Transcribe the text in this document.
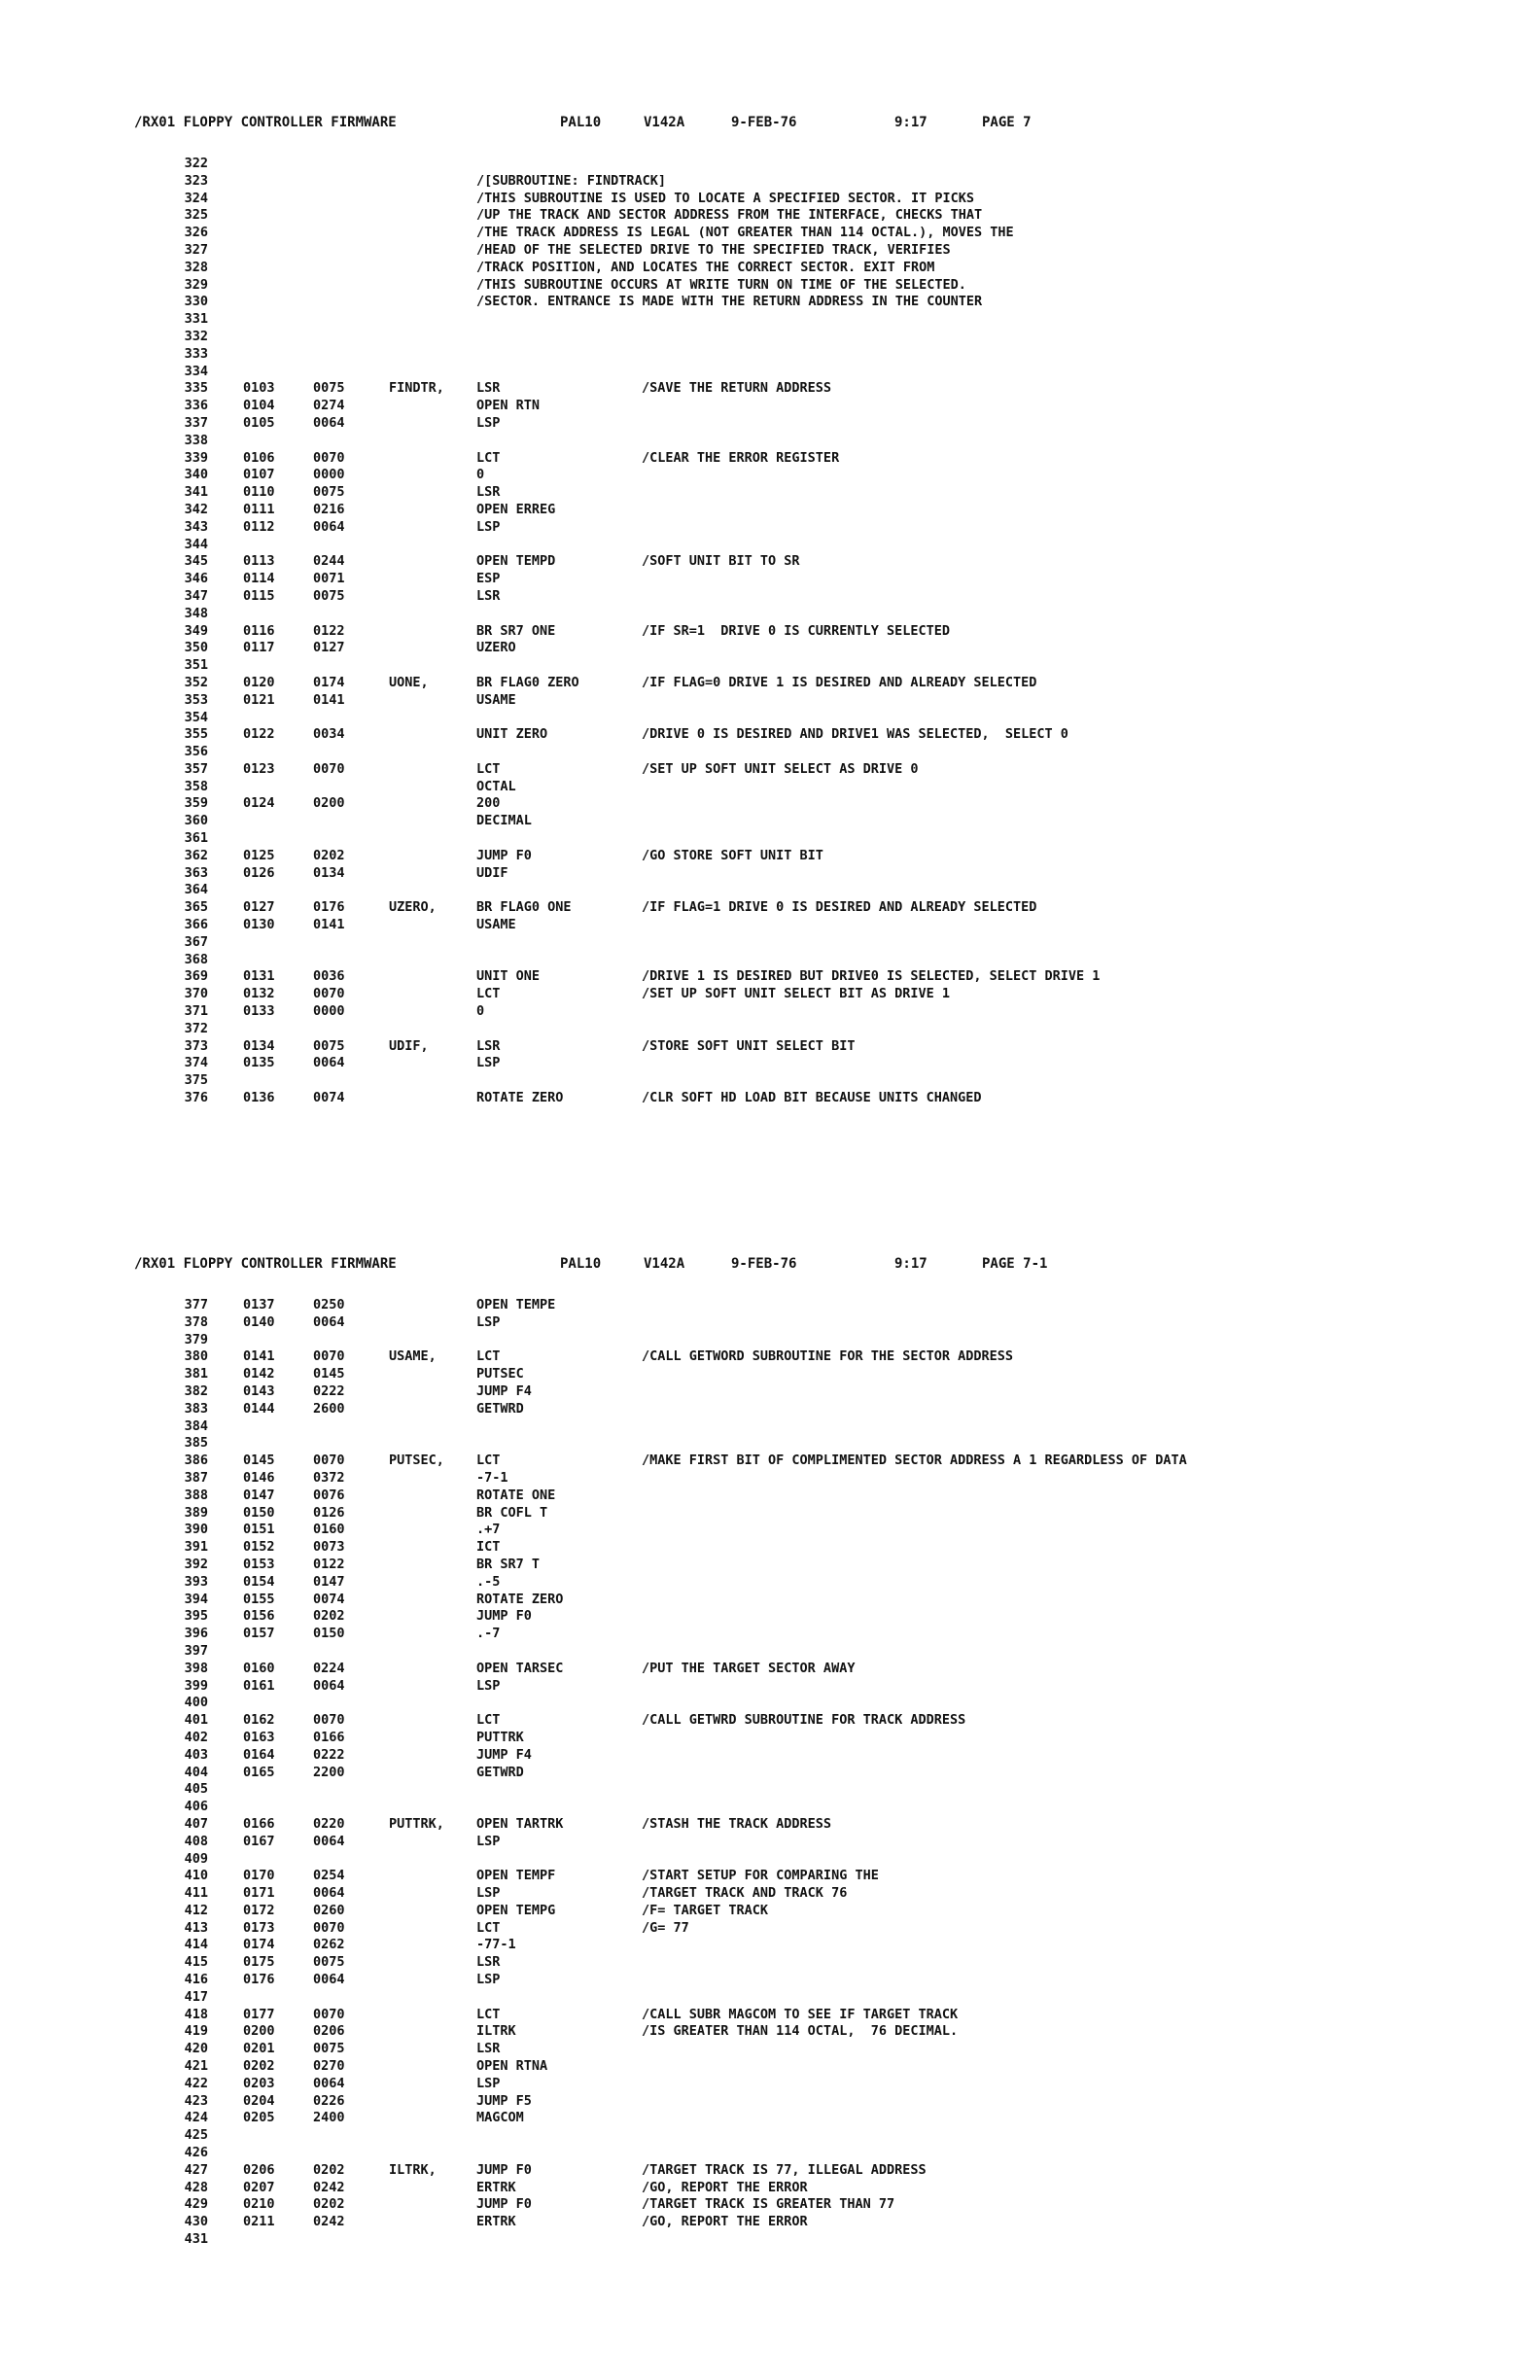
/RX01 FLOPPY CONTROLLER FIRMWARE

	PAL10

	V142A

	9-FEB-76

	9:17

	PAGE 7

322
323	/[SUBROUTINE: FINDTRACK]
324	/THIS SUBROUTINE IS USED TO LOCATE A SPECIFIED SECTOR. IT PICKS
325	/UP THE TRACK AND SECTOR ADDRESS FROM THE INTERFACE, CHECKS THAT
326	/THE TRACK ADDRESS IS LEGAL (NOT GREATER THAN 114 OCTAL.), MOVES THE
327	/HEAD OF THE SELECTED DRIVE TO THE SPECIFIED TRACK, VERIFIES
328	/TRACK POSITION, AND LOCATES THE CORRECT SECTOR. EXIT FROM
329	/THIS SUBROUTINE OCCURS AT WRITE TURN ON TIME OF THE SELECTED.
330	/SECTOR. ENTRANCE IS MADE WITH THE RETURN ADDRESS IN THE COUNTER
331
332
333
334
335	0103	0075	FINDTR, LSR	/SAVE THE RETURN ADDRESS
336	0104	0274	OPEN RTN
337	0105	0064	LSP
338
339	0106	0070	LCT	/CLEAR THE ERROR REGISTER
340	0107	0000	0
341	0110	0075	LSR
342	0111	0216	OPEN ERREG
343	0112	0064	LSP
344
345	0113	0244	OPEN TEMPD	/SOFT UNIT BIT TO SR
346	0114	0071	ESP
347	0115	0075	LSR
348
349	0116	0122	BR SR7 ONE	/IF SR=1  DRIVE 0 IS CURRENTLY SELECTED
350	0117	0127	UZERO
351
352	0120	0174	UONE,	BR FLAG0 ZERO	/IF FLAG=0 DRIVE 1 IS DESIRED AND ALREADY SELECTED
353	0121	0141	USAME
354
355	0122	0034	UNIT ZERO	/DRIVE 0 IS DESIRED AND DRIVE1 WAS SELECTED,  SELECT 0
356
357	0123	0070	LCT	/SET UP SOFT UNIT SELECT AS DRIVE 0
358	OCTAL
359	0124	0200	200
360	DECIMAL
361
362	0125	0202	JUMP F0	/GO STORE SOFT UNIT BIT
363	0126	0134	UDIF
364
365	0127	0176	UZERO,	BR FLAG0 ONE	/IF FLAG=1 DRIVE 0 IS DESIRED AND ALREADY SELECTED
366	0130	0141	USAME
367
368
369	0131	0036	UNIT ONE	/DRIVE 1 IS DESIRED BUT DRIVE0 IS SELECTED, SELECT DRIVE 1
370	0132	0070	LCT	/SET UP SOFT UNIT SELECT BIT AS DRIVE 1
371	0133	0000	0
372
373	0134	0075	UDIF,	LSR	/STORE SOFT UNIT SELECT BIT
374	0135	0064	LSP
375
376	0136	0074	ROTATE ZERO	/CLR SOFT HD LOAD BIT BECAUSE UNITS CHANGED

/RX01 FLOPPY CONTROLLER FIRMWARE

	PAL10

	V142A

	9-FEB-76

	9:17

	PAGE 7-1

377	0137	0250	OPEN TEMPE
378	0140	0064	LSP
379
380	0141	0070	USAME,	LCT	/CALL GETWORD SUBROUTINE FOR THE SECTOR ADDRESS
381	0142	0145	PUTSEC
382	0143	0222	JUMP F4
383	0144	2600	GETWRD
384
385
386	0145	0070	PUTSEC, LCT	/MAKE FIRST BIT OF COMPLIMENTED SECTOR ADDRESS A 1 REGARDLESS OF DATA
387	0146	0372	-7-1
388	0147	0076	ROTATE ONE
389	0150	0126	BR COFL T
390	0151	0160	.+7
391	0152	0073	ICT
392	0153	0122	BR SR7 T
393	0154	0147	.-5
394	0155	0074	ROTATE ZERO
395	0156	0202	JUMP F0
396	0157	0150	.-7
397
398	0160	0224	OPEN TARSEC	/PUT THE TARGET SECTOR AWAY
399	0161	0064	LSP
400
401	0162	0070	LCT	/CALL GETWRD SUBROUTINE FOR TRACK ADDRESS
402	0163	0166	PUTTRK
403	0164	0222	JUMP F4
404	0165	2200	GETWRD
405
406
407	0166	0220	PUTTRK, OPEN TARTRK	/STASH THE TRACK ADDRESS
408	0167	0064	LSP
409
410	0170	0254	OPEN TEMPF	/START SETUP FOR COMPARING THE
411	0171	0064	LSP	/TARGET TRACK AND TRACK 76
412	0172	0260	OPEN TEMPG	/F= TARGET TRACK
413	0173	0070	LCT	/G= 77
414	0174	0262	-77-1
415	0175	0075	LSR
416	0176	0064	LSP
417
418	0177	0070	LCT	/CALL SUBR MAGCOM TO SEE IF TARGET TRACK
419	0200	0206	ILTRK	/IS GREATER THAN 114 OCTAL,  76 DECIMAL.
420	0201	0075	LSR
421	0202	0270	OPEN RTNA
422	0203	0064	LSP
423	0204	0226	JUMP F5
424	0205	2400	MAGCOM
425
426
427	0206	0202	ILTRK,	JUMP F0	/TARGET TRACK IS 77, ILLEGAL ADDRESS
428	0207	0242	ERTRK	/GO, REPORT THE ERROR
429	0210	0202	JUMP F0	/TARGET TRACK IS GREATER THAN 77
430	0211	0242	ERTRK	/GO, REPORT THE ERROR
431
